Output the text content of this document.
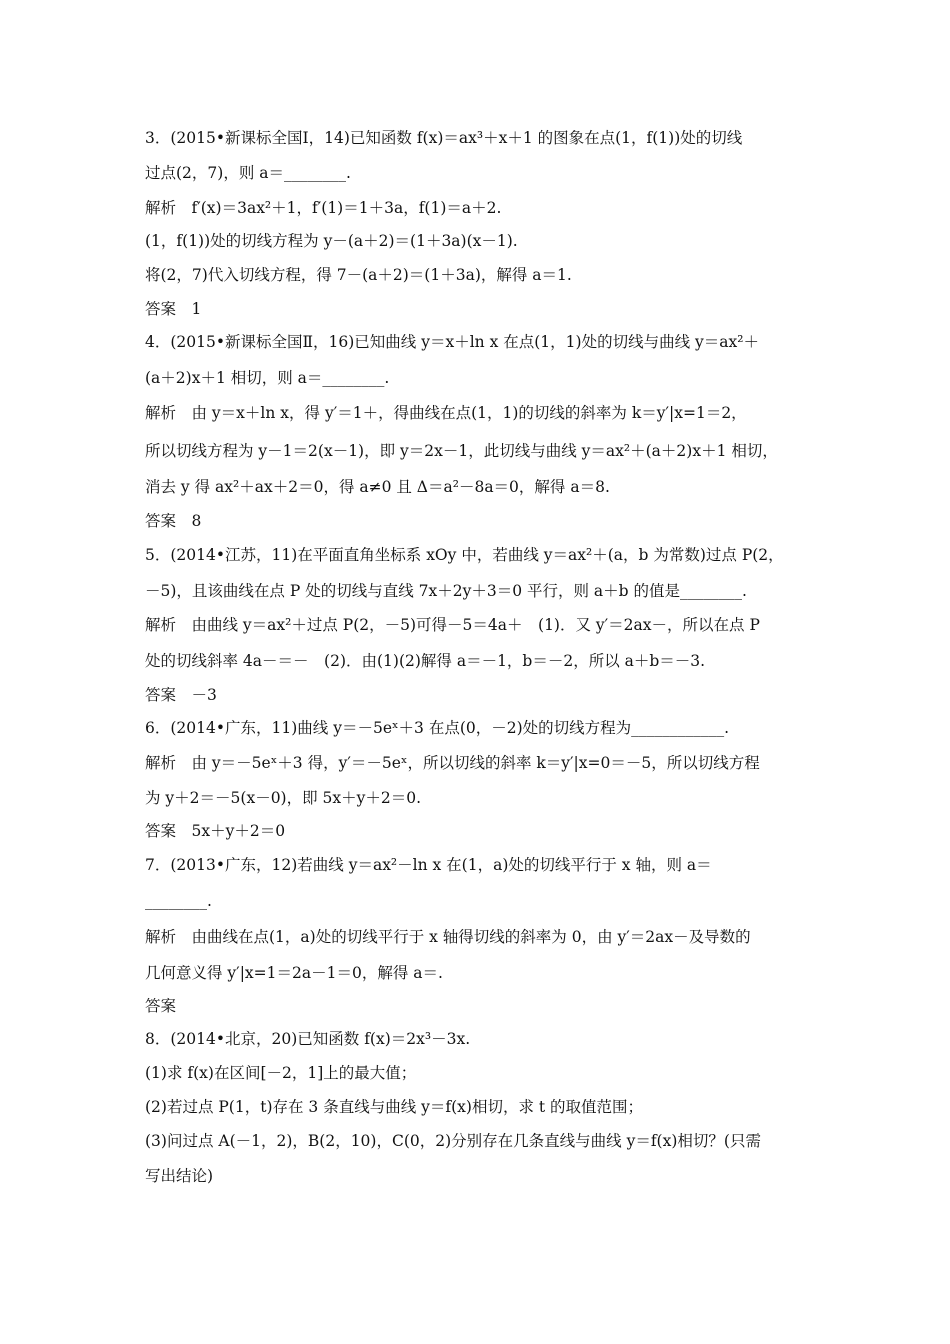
3．(2015•新课标全国Ⅰ，14)已知函数 f(x)＝ax³＋x＋1 的图象在点(1，f(1))处的切线
过点(2，7)，则 a＝________.
解析　f′(x)＝3ax²＋1，f′(1)＝1＋3a，f(1)＝a＋2.
(1，f(1))处的切线方程为 y－(a＋2)＝(1＋3a)(x－1).
将(2，7)代入切线方程，得 7－(a＋2)＝(1＋3a)，解得 a＝1.
答案　1
4．(2015•新课标全国Ⅱ，16)已知曲线 y＝x＋ln x 在点(1，1)处的切线与曲线 y＝ax²＋
(a＋2)x＋1 相切，则 a＝________.
解析　由 y＝x＋ln x，得 y′＝1＋，得曲线在点(1，1)的切线的斜率为 k＝y′|x=1＝2，
所以切线方程为 y－1＝2(x－1)，即 y＝2x－1，此切线与曲线 y＝ax²＋(a＋2)x＋1 相切，
消去 y 得 ax²＋ax＋2＝0，得 a≠0 且 Δ＝a²－8a＝0，解得 a＝8.
答案　8
5．(2014•江苏，11)在平面直角坐标系 xOy 中，若曲线 y＝ax²＋(a，b 为常数)过点 P(2，
－5)，且该曲线在点 P 处的切线与直线 7x＋2y＋3＝0 平行，则 a＋b 的值是________.
解析　由曲线 y＝ax²＋过点 P(2，－5)可得－5＝4a＋　(1)．又 y′＝2ax－，所以在点 P
处的切线斜率 4a－＝－　(2)．由(1)(2)解得 a＝－1，b＝－2，所以 a＋b＝－3.
答案　－3
6．(2014•广东，11)曲线 y＝－5eˣ＋3 在点(0，－2)处的切线方程为____________.
解析　由 y＝－5eˣ＋3 得，y′＝－5eˣ，所以切线的斜率 k＝y′|x=0＝－5，所以切线方程
为 y＋2＝－5(x－0)，即 5x＋y＋2＝0.
答案　5x＋y＋2＝0
7．(2013•广东，12)若曲线 y＝ax²－ln x 在(1，a)处的切线平行于 x 轴，则 a＝
________.
解析　由曲线在点(1，a)处的切线平行于 x 轴得切线的斜率为 0，由 y′＝2ax－及导数的
几何意义得 y′|x=1＝2a－1＝0，解得 a＝.
答案
8．(2014•北京，20)已知函数 f(x)＝2x³－3x.
(1)求 f(x)在区间[－2，1]上的最大值；
(2)若过点 P(1，t)存在 3 条直线与曲线 y＝f(x)相切，求 t 的取值范围；
(3)问过点 A(－1，2)，B(2，10)，C(0，2)分别存在几条直线与曲线 y＝f(x)相切？(只需
写出结论)
